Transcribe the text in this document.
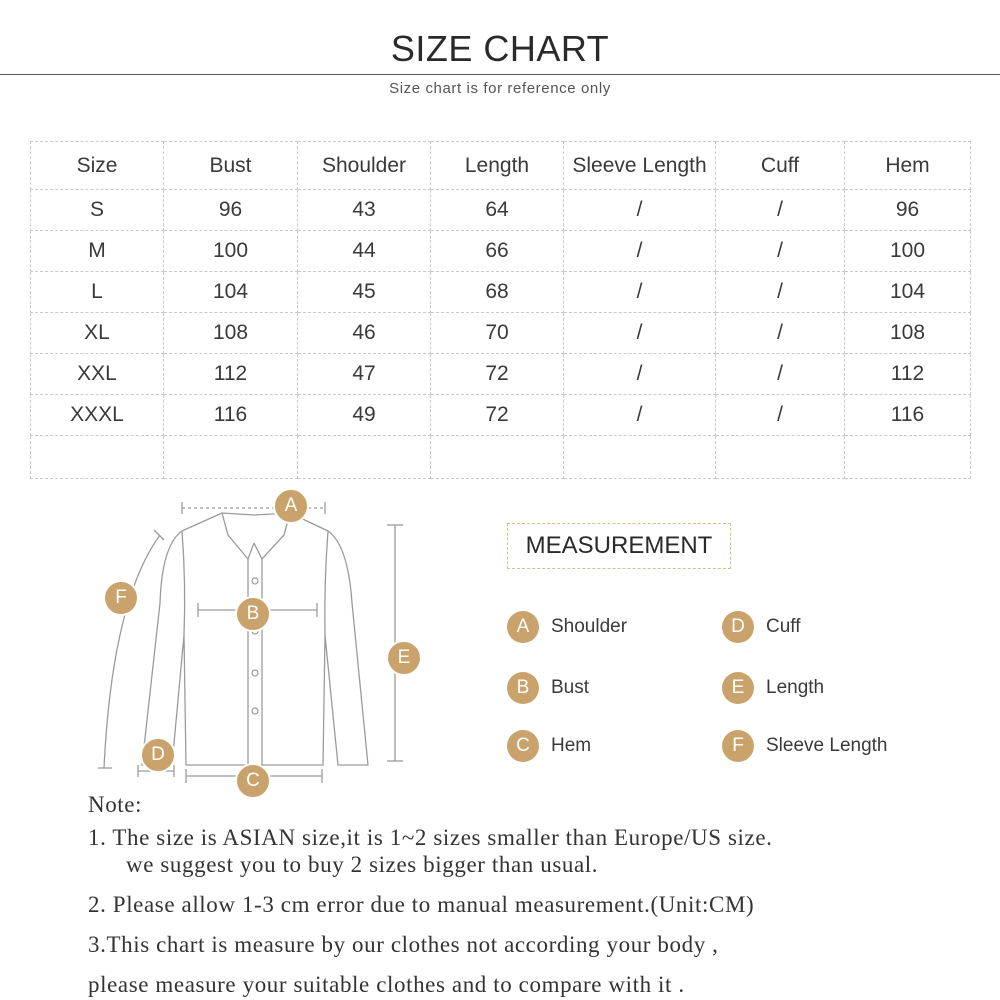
SIZE CHART
Size chart is for reference only
Size	Bust	Shoulder	Length	Sleeve Length	Cuff	Hem
S	96	43	64	/	/	96
M	100	44	66	/	/	100
L	104	45	68	/	/	104
XL	108	46	70	/	/	108
XXL	112	47	72	/	/	112
XXXL	116	49	72	/	/	116

A
B
C
D
E
F
MEASUREMENT
A	Shoulder
B	Bust
C	Hem
D	Cuff
E	Length
F	Sleeve Length
Note:
1. The size is ASIAN size,it is 1~2 sizes smaller than Europe/US size.
we suggest you to buy 2 sizes bigger than usual.
2. Please allow 1-3 cm error due to manual measurement.(Unit:CM)
3.This chart is measure by our clothes not according your body ,
please measure your suitable clothes and to compare with it .
